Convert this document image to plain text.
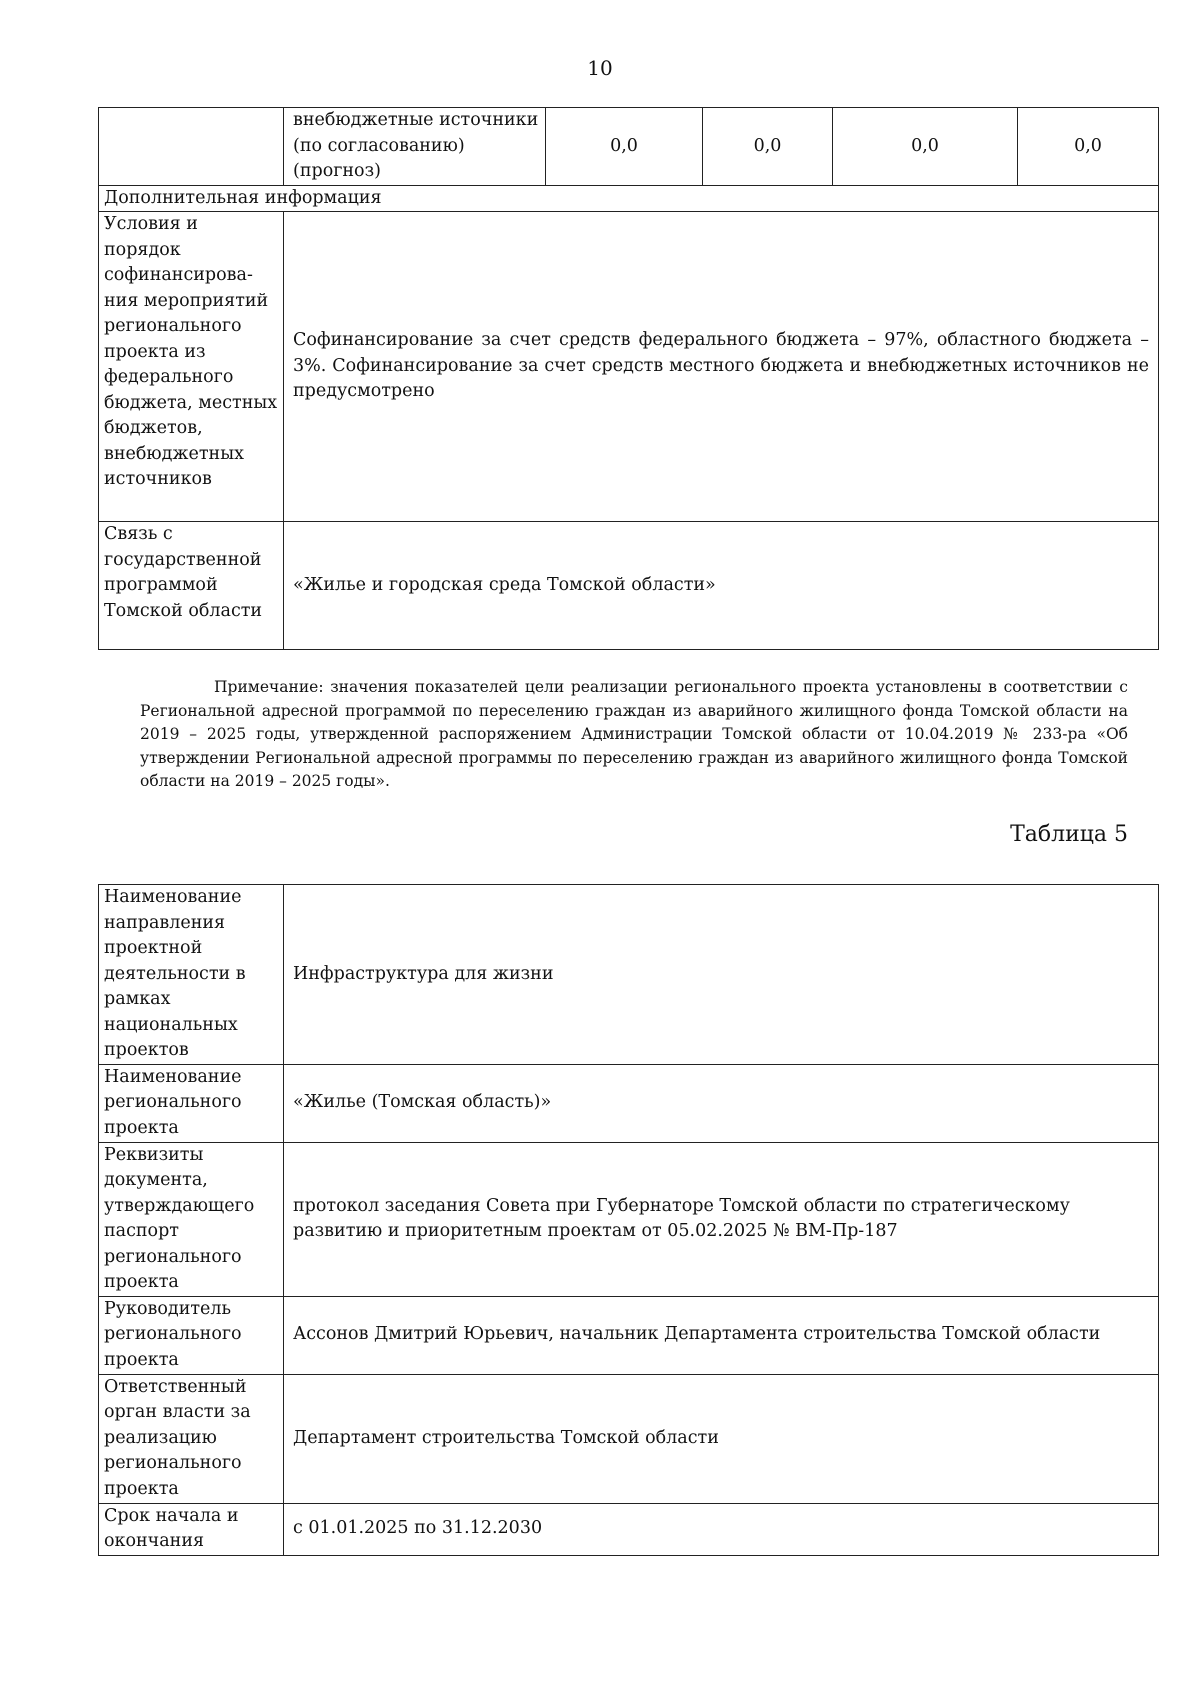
10
	внебюджетные источники (по согласованию) (прогноз)	0,0	0,0	0,0	0,0
Дополнительная информация					
Условия и порядок софинансирова-ния мероприятий регионального проекта из федерального бюджета, местных бюджетов, внебюджетных источников	Софинансирование за счет средств федерального бюджета – 97%, областного бюджета – 3%. Софинансирование за счет средств местного бюджета и внебюджетных источников не предусмотрено				
Связь с государственной программой Томской области	«Жилье и городская среда Томской области»				
Примечание: значения показателей цели реализации регионального проекта установлены в соответствии с Региональной адресной программой по переселению граждан из аварийного жилищного фонда Томской области на 2019 – 2025 годы, утвержденной распоряжением Администрации Томской области от 10.04.2019 № 233-ра «Об утверждении Региональной адресной программы по переселению граждан из аварийного жилищного фонда Томской области на 2019 – 2025 годы».
Таблица 5
Наименование направления проектной деятельности в рамках национальных проектов	Инфраструктура для жизни
Наименование регионального проекта	«Жилье (Томская область)»
Реквизиты документа, утверждающего паспорт регионального проекта	протокол заседания Совета при Губернаторе Томской области по стратегическому развитию и приоритетным проектам от 05.02.2025 № ВМ-Пр-187
Руководитель регионального проекта	Ассонов Дмитрий Юрьевич, начальник Департамента строительства Томской области
Ответственный орган власти за реализацию регионального проекта	Департамент строительства Томской области
Срок начала и окончания	с 01.01.2025 по 31.12.2030
